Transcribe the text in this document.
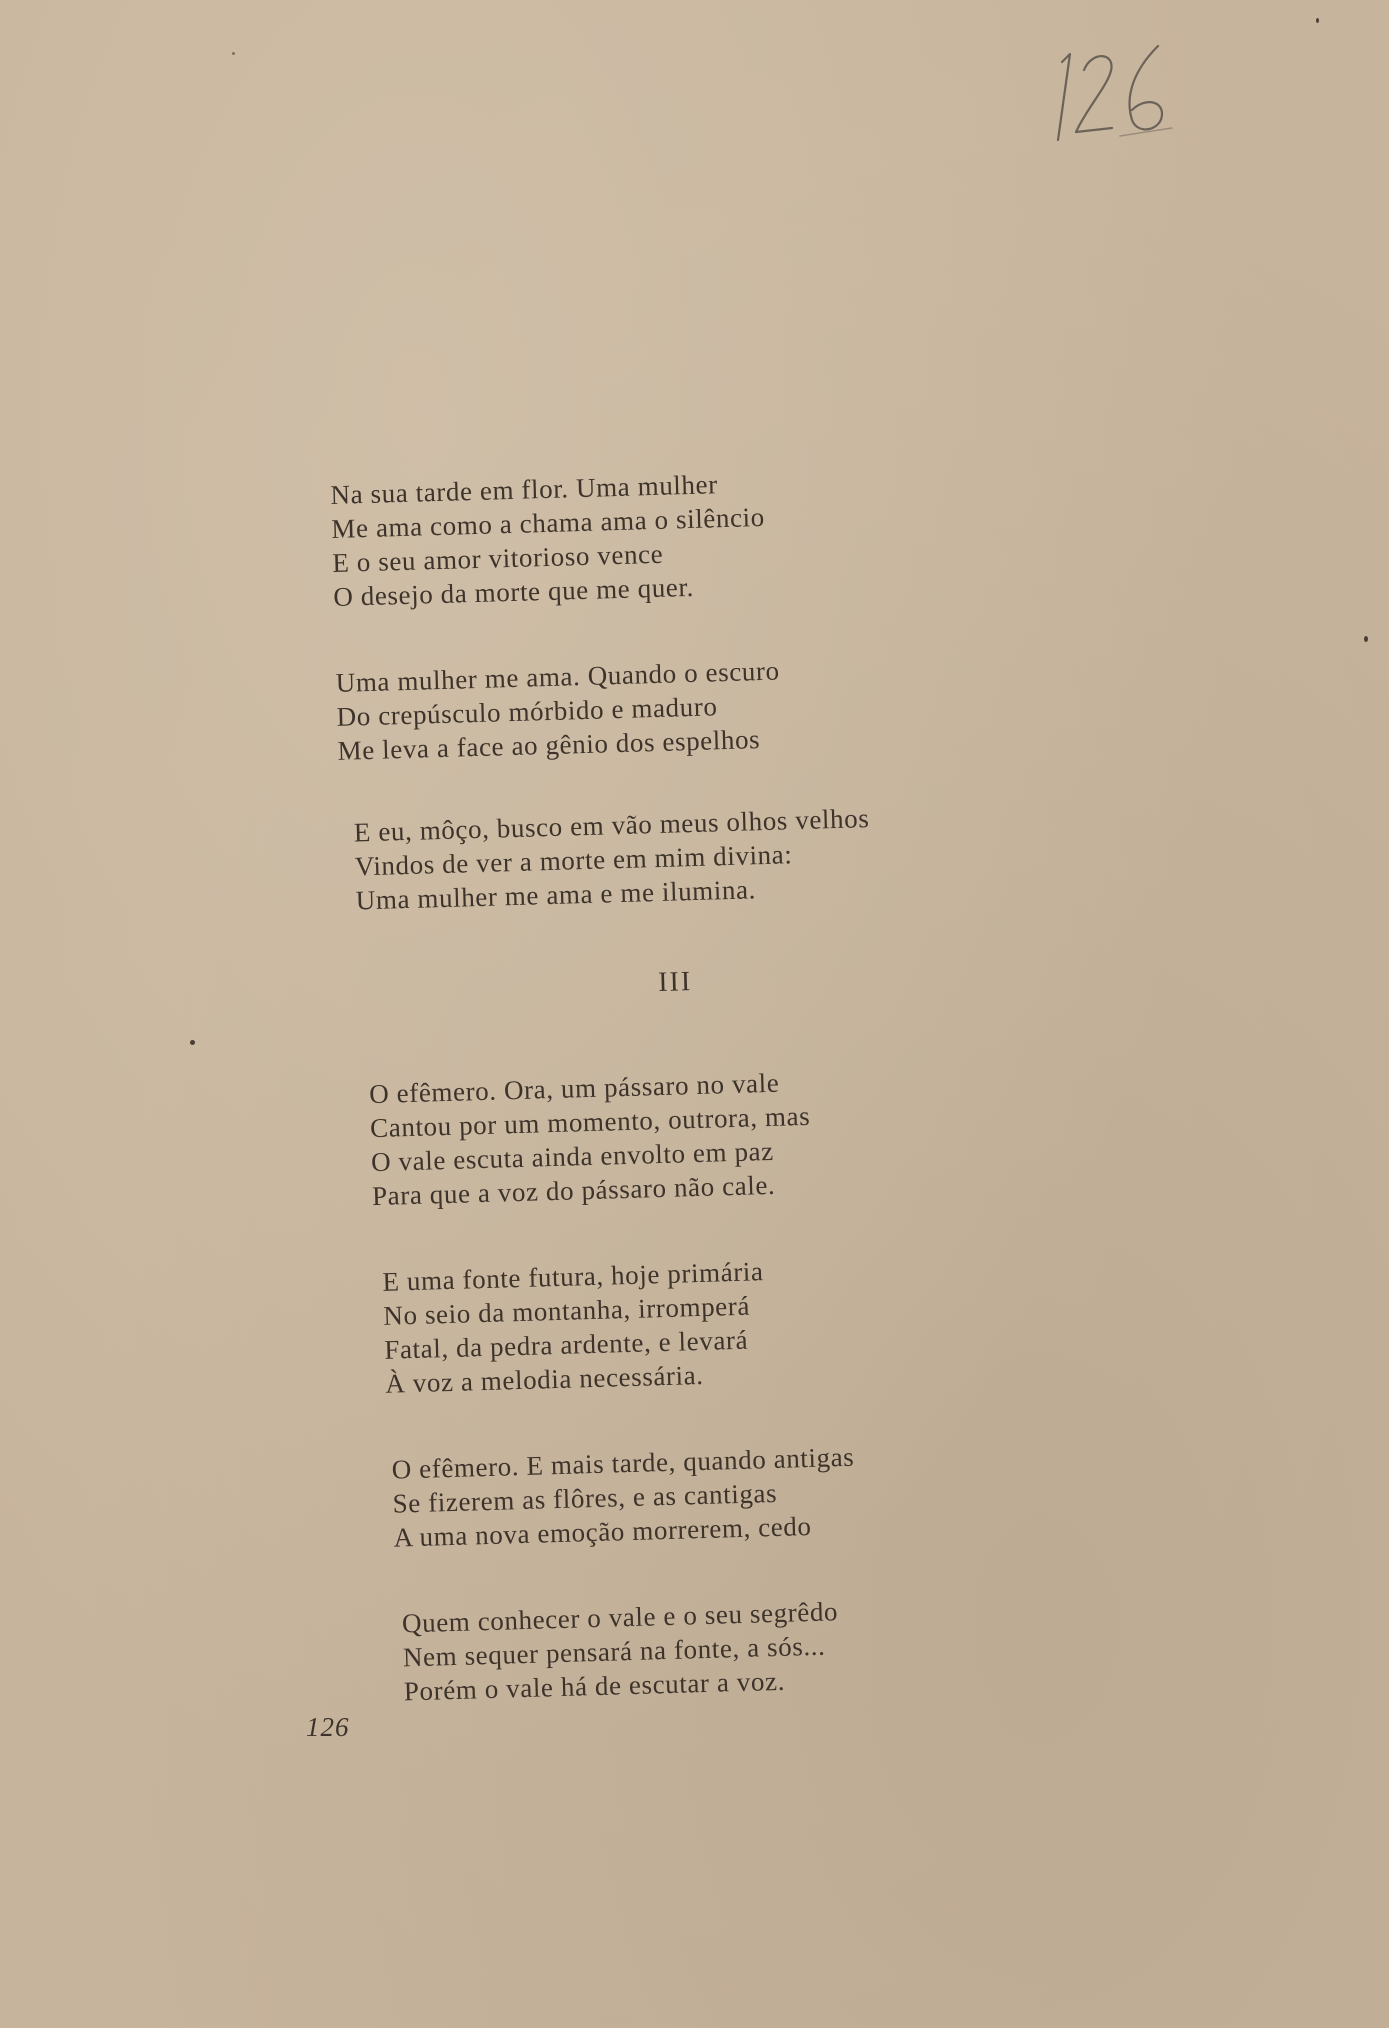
Na sua tarde em flor. Uma mulher
Me ama como a chama ama o silêncio
E o seu amor vitorioso vence
O desejo da morte que me quer.
Uma mulher me ama. Quando o escuro
Do crepúsculo mórbido e maduro
Me leva a face ao gênio dos espelhos
E eu, môço, busco em vão meus olhos velhos
Vindos de ver a morte em mim divina:
Uma mulher me ama e me ilumina.
III
O efêmero. Ora, um pássaro no vale
Cantou por um momento, outrora, mas
O vale escuta ainda envolto em paz
Para que a voz do pássaro não cale.
E uma fonte futura, hoje primária
No seio da montanha, irromperá
Fatal, da pedra ardente, e levará
À voz a melodia necessária.
O efêmero. E mais tarde, quando antigas
Se fizerem as flôres, e as cantigas
A uma nova emoção morrerem, cedo
Quem conhecer o vale e o seu segrêdo
Nem sequer pensará na fonte, a sós...
Porém o vale há de escutar a voz.
126
